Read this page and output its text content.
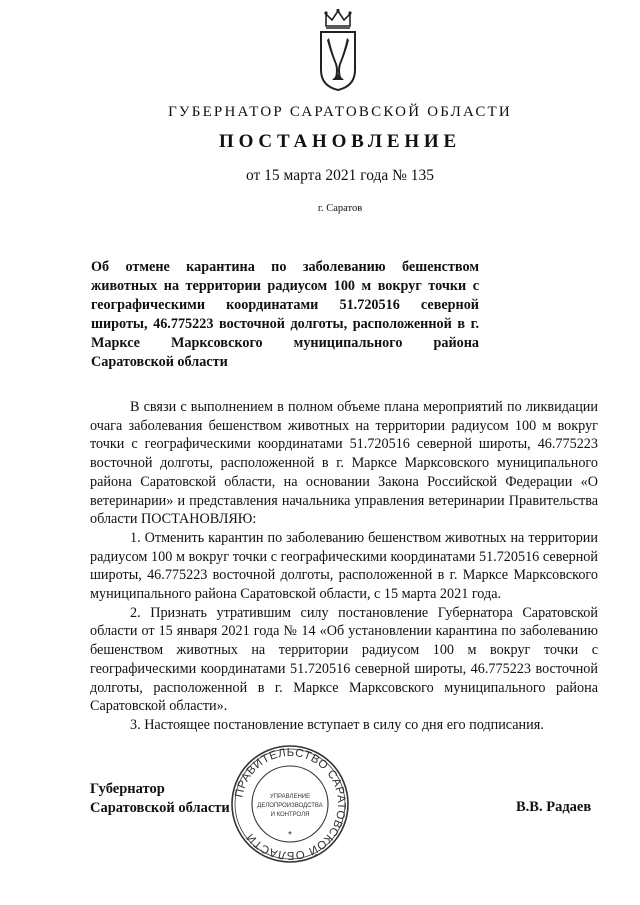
ГУБЕРНАТОР САРАТОВСКОЙ ОБЛАСТИ
ПОСТАНОВЛЕНИЕ
от 15 марта 2021 года № 135
г. Саратов
Об отмене карантина по заболеванию бешенством животных на территории радиусом 100 м вокруг точки с географическими координатами 51.720516 северной широты, 46.775223 восточной долготы, расположенной в г. Марксе Марксовского муниципального района Саратовской области

В связи с выполнением в полном объеме плана мероприятий по ликвидации очага заболевания бешенством животных на территории радиусом 100 м вокруг точки с географическими координатами 51.720516 северной широты, 46.775223 восточной долготы, расположенной в г. Марксе Марксовского муниципального района Саратовской области, на основании Закона Российской Федерации «О ветеринарии» и представления начальника управления ветеринарии Правительства области ПОСТАНОВЛЯЮ:

1. Отменить карантин по заболеванию бешенством животных на территории радиусом 100 м вокруг точки с географическими координатами 51.720516 северной широты, 46.775223 восточной долготы, расположенной в г. Марксе Марксовского муниципального района Саратовской области, с 15 марта 2021 года.

2. Признать утратившим силу постановление Губернатора Саратовской области от 15 января 2021 года № 14 «Об установлении карантина по заболеванию бешенством животных на территории радиусом 100 м вокруг точки с географическими координатами 51.720516 северной широты, 46.775223 восточной долготы, расположенной в г. Марксе Марксовского муниципального района Саратовской области».

3. Настоящее постановление вступает в силу со дня его подписания.

Губернатор
Саратовской области	В.В. Радаев
ПРАВИТЕЛЬСТВО САРАТОВСКОЙ ОБЛАСТИ
УПРАВЛЕНИЕ
ДЕЛОПРОИЗВОДСТВА
И КОНТРОЛЯ
*
